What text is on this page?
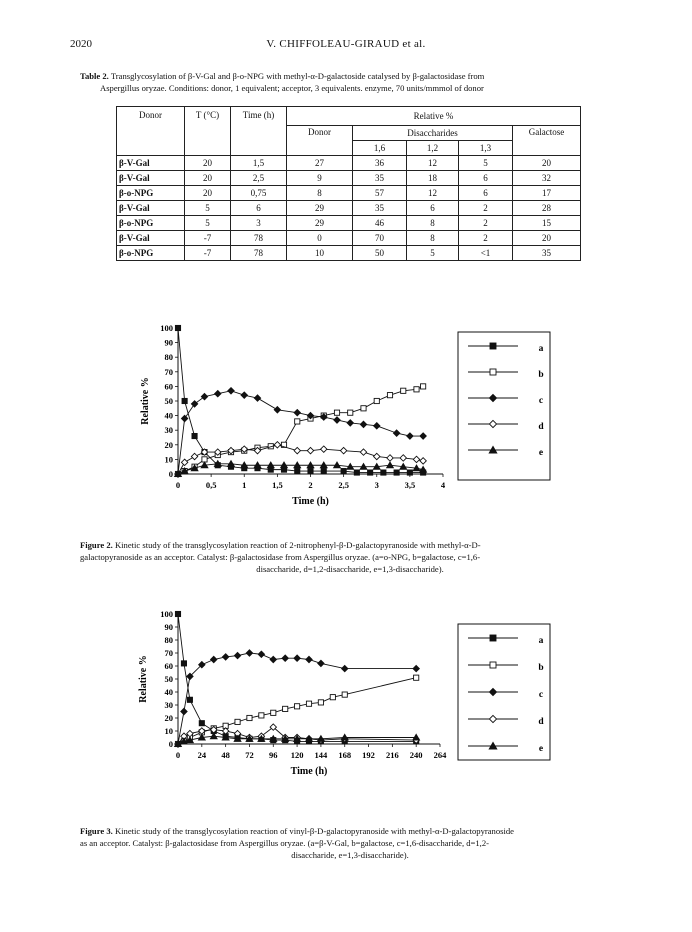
2020	V. CHIFFOLEAU-GIRAUD et al.
Table 2. Transglycosylation of β-V-Gal and β-o-NPG with methyl-α-D-galactoside catalysed by β-galactosidase from
Aspergillus oryzae. Conditions: donor, 1 equivalent; acceptor, 3 equivalents. enzyme, 70 units/mmmol of donor
Donor	T (°C)	Time (h)	Relative %				
			Donor	Disaccharides			Galactose
				1,6	1,2	1,3	
β-V-Gal	20	1,5	27	36	12	5	20
β-V-Gal	20	2,5	9	35	18	6	32
β-o-NPG	20	0,75	8	57	12	6	17
β-V-Gal	5	6	29	35	6	2	28
β-o-NPG	5	3	29	46	8	2	15
β-V-Gal	-7	78	0	70	8	2	20
β-o-NPG	-7	78	10	50	5	<1	35
0
10
20
30
40
50
60
70
80
90
100
0	0,5	1	1,5	2	2,5	3	3,5	4
Time (h)
Relative %
a
b
c
d
e
Figure 2. Kinetic study of the transglycosylation reaction of 2-nitrophenyl-β-D-galactopyranoside with methyl-α-D-
galactopyranoside as an acceptor. Catalyst: β-galactosidase from Aspergillus oryzae. (a=o-NPG, b=galactose, c=1,6-
disaccharide, d=1,2-disaccharide, e=1,3-disaccharide).
0
10
20
30
40
50
60
70
80
90
100
0 24 48 72 96 120 144 168 192 216 240 264
Time (h)
Relative %
a
b
c
d
e
Figure 3. Kinetic study of the transglycosylation reaction of vinyl-β-D-galactopyranoside with methyl-α-D-galactopyranoside
as an acceptor. Catalyst: β-galactosidase from Aspergillus oryzae. (a=β-V-Gal, b=galactose, c=1,6-disaccharide, d=1,2-
disaccharide, e=1,3-disaccharide).
